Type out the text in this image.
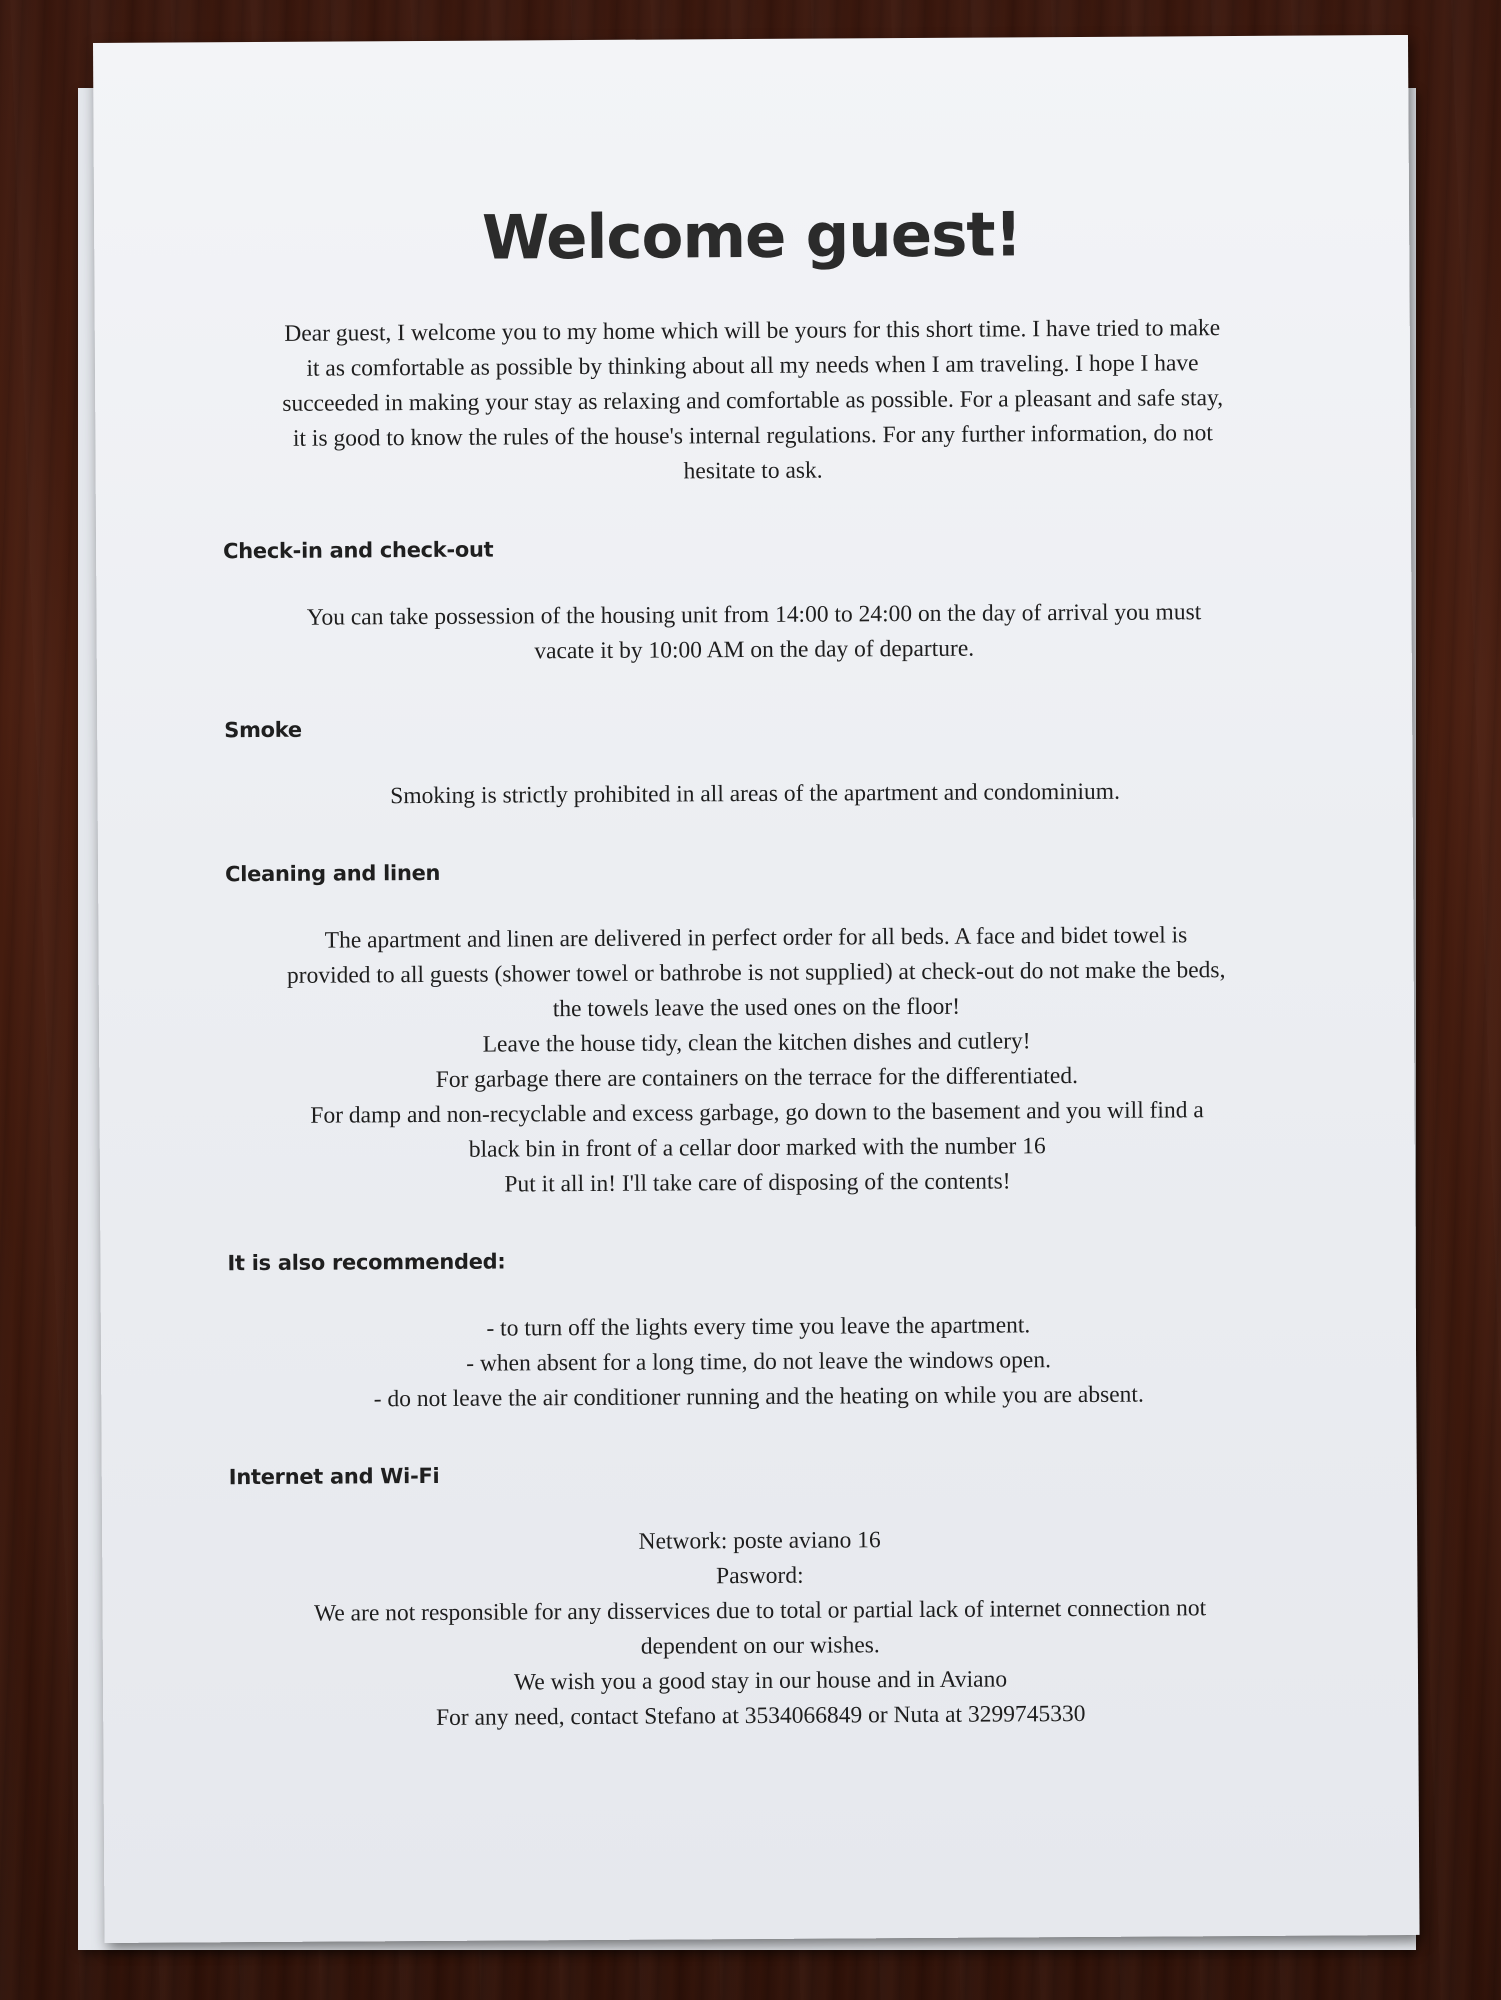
Welcome guest!

Dear guest, I welcome you to my home which will be yours for this short time. I have tried to make
it as comfortable as possible by thinking about all my needs when I am traveling. I hope I have
succeeded in making your stay as relaxing and comfortable as possible. For a pleasant and safe stay,
it is good to know the rules of the house's internal regulations. For any further information, do not
hesitate to ask.

Check-in and check-out

You can take possession of the housing unit from 14:00 to 24:00 on the day of arrival you must
vacate it by 10:00 AM on the day of departure.

Smoke

Smoking is strictly prohibited in all areas of the apartment and condominium.

Cleaning and linen

The apartment and linen are delivered in perfect order for all beds. A face and bidet towel is
provided to all guests (shower towel or bathrobe is not supplied) at check-out do not make the beds,
the towels leave the used ones on the floor!
Leave the house tidy, clean the kitchen dishes and cutlery!
For garbage there are containers on the terrace for the differentiated.
For damp and non-recyclable and excess garbage, go down to the basement and you will find a
black bin in front of a cellar door marked with the number 16
Put it all in! I'll take care of disposing of the contents!

It is also recommended:

- to turn off the lights every time you leave the apartment.
- when absent for a long time, do not leave the windows open.
- do not leave the air conditioner running and the heating on while you are absent.

Internet and Wi-Fi

Network: poste aviano 16
Pasword:
We are not responsible for any disservices due to total or partial lack of internet connection not
dependent on our wishes.
We wish you a good stay in our house and in Aviano
For any need, contact Stefano at 3534066849 or Nuta at 3299745330
